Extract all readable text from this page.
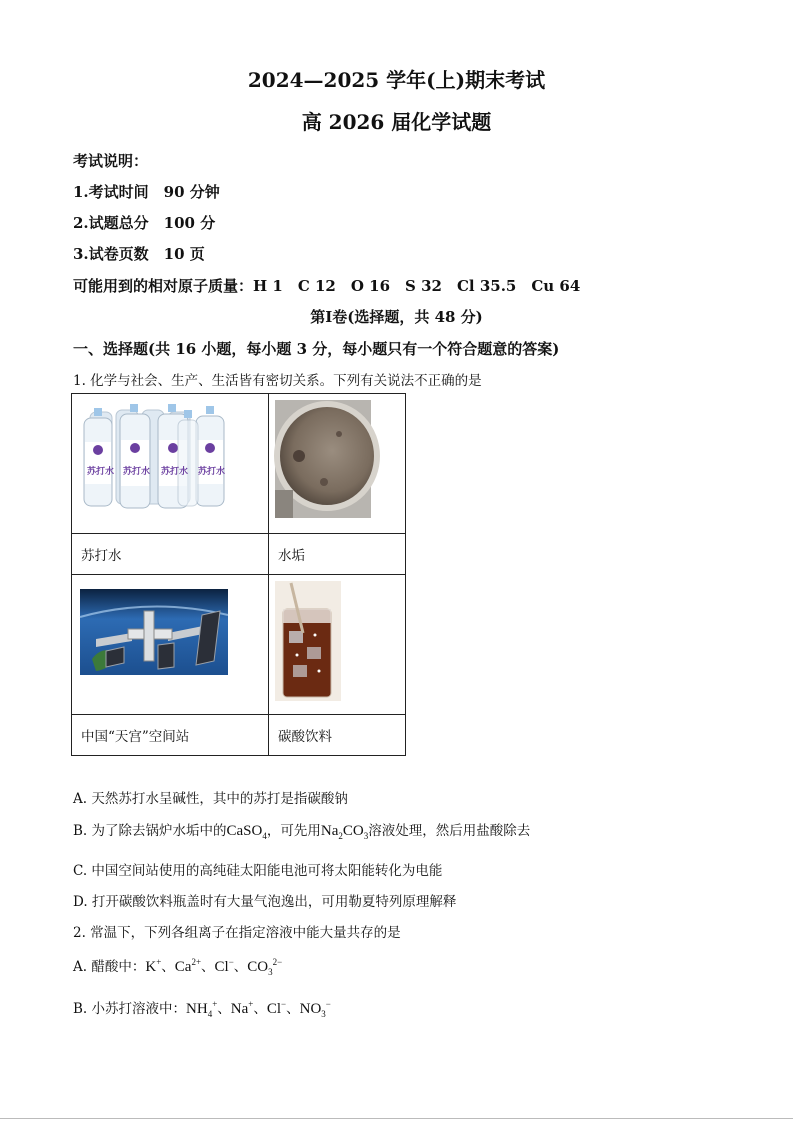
2024—2025 学年(上)期末考试
高 2026 届化学试题
考试说明：
1.考试时间　90 分钟
2.试题总分　100 分
3.试卷页数　10 页
可能用到的相对原子质量：H 1　C 12　O 16　S 32　Cl 35.5　Cu 64
第Ⅰ卷(选择题，共 48 分)
一、选择题(共 16 小题，每小题 3 分，每小题只有一个符合题意的答案)
1. 化学与社会、生产、生活皆有密切关系。下列有关说法不正确的是
苏打水 苏打水 苏打水 苏打水

苏打水	水垢

中国“天宫”空间站	碳酸饮料
A. 天然苏打水呈碱性，其中的苏打是指碳酸钠
B. 为了除去锅炉水垢中的CaSO$_4$，可先用$Na_2CO_3$溶液处理，然后用盐酸除去
C. 中国空间站使用的高纯硅太阳能电池可将太阳能转化为电能
D. 打开碳酸饮料瓶盖时有大量气泡逸出，可用勒夏特列原理解释
2. 常温下，下列各组离子在指定溶液中能大量共存的是
A. 醋酸中：K+、$Ca^{2+}$、Cl−、$CO_3^{2-}$
B. 小苏打溶液中：$NH_4^+$、Na+、Cl−、$NO_3^-$
